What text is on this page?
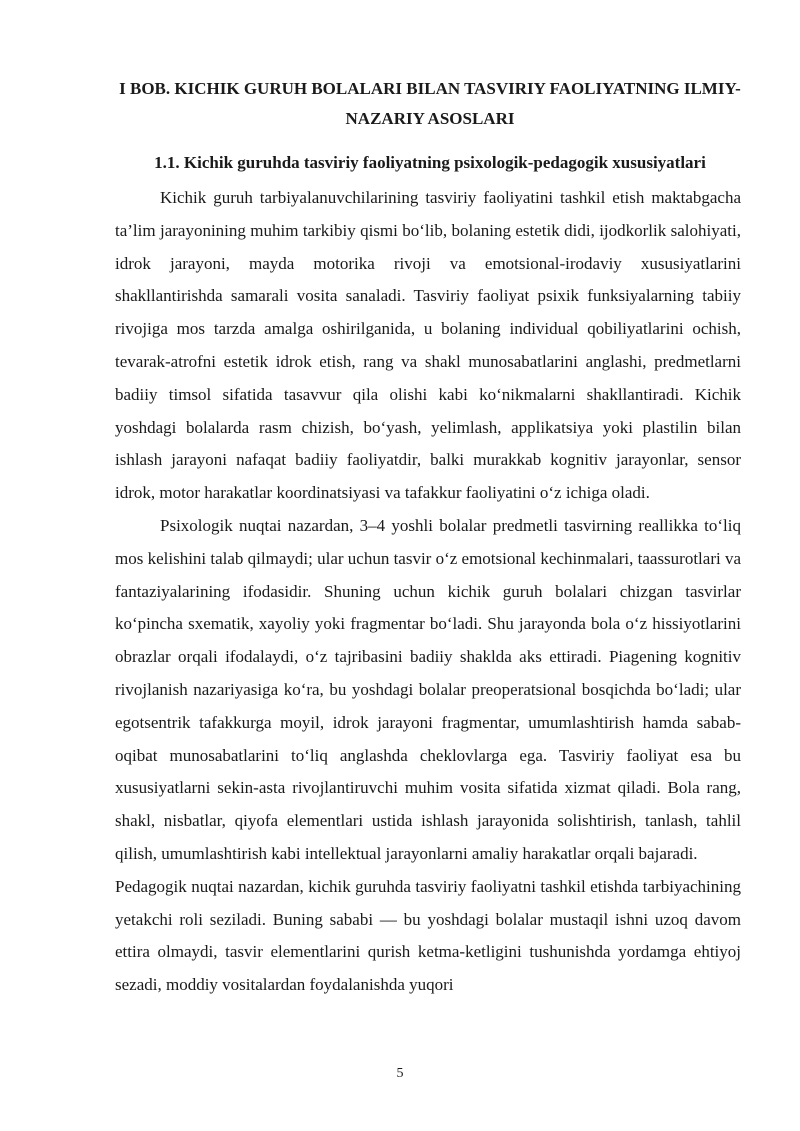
I BOB. KICHIK GURUH BOLALARI BILAN TASVIRIY FAOLIYATNING ILMIY-NAZARIY ASOSLARI
1.1. Kichik guruhda tasviriy faoliyatning psixologik-pedagogik xususiyatlari

Kichik guruh tarbiyalanuvchilarining tasviriy faoliyatini tashkil etish maktabgacha ta’lim jarayonining muhim tarkibiy qismi bo‘lib, bolaning estetik didi, ijodkorlik salohiyati, idrok jarayoni, mayda motorika rivoji va emotsional-irodaviy xususiyatlarini shakllantirishda samarali vosita sanaladi. Tasviriy faoliyat psixik funksiyalarning tabiiy rivojiga mos tarzda amalga oshirilganida, u bolaning individual qobiliyatlarini ochish, tevarak-atrofni estetik idrok etish, rang va shakl munosabatlarini anglashi, predmetlarni badiiy timsol sifatida tasavvur qila olishi kabi ko‘nikmalarni shakllantiradi. Kichik yoshdagi bolalarda rasm chizish, bo‘yash, yelimlash, applikatsiya yoki plastilin bilan ishlash jarayoni nafaqat badiiy faoliyatdir, balki murakkab kognitiv jarayonlar, sensor idrok, motor harakatlar koordinatsiyasi va tafakkur faoliyatini o‘z ichiga oladi.

Psixologik nuqtai nazardan, 3–4 yoshli bolalar predmetli tasvirning reallikka to‘liq mos kelishini talab qilmaydi; ular uchun tasvir o‘z emotsional kechinmalari, taassurotlari va fantaziyalarining ifodasidir. Shuning uchun kichik guruh bolalari chizgan tasvirlar ko‘pincha sxematik, xayoliy yoki fragmentar bo‘ladi. Shu jarayonda bola o‘z hissiyotlarini obrazlar orqali ifodalaydi, o‘z tajribasini badiiy shaklda aks ettiradi. Piagening kognitiv rivojlanish nazariyasiga ko‘ra, bu yoshdagi bolalar preoperatsional bosqichda bo‘ladi; ular egotsentrik tafakkurga moyil, idrok jarayoni fragmentar, umumlashtirish hamda sabab-oqibat munosabatlarini to‘liq anglashda cheklovlarga ega. Tasviriy faoliyat esa bu xususiyatlarni sekin-asta rivojlantiruvchi muhim vosita sifatida xizmat qiladi. Bola rang, shakl, nisbatlar, qiyofa elementlari ustida ishlash jarayonida solishtirish, tanlash, tahlil qilish, umumlashtirish kabi intellektual jarayonlarni amaliy harakatlar orqali bajaradi.

Pedagogik nuqtai nazardan, kichik guruhda tasviriy faoliyatni tashkil etishda tarbiyachining yetakchi roli seziladi. Buning sababi — bu yoshdagi bolalar mustaqil ishni uzoq davom ettira olmaydi, tasvir elementlarini qurish ketma-ketligini tushunishda yordamga ehtiyoj sezadi, moddiy vositalardan foydalanishda yuqori

5
